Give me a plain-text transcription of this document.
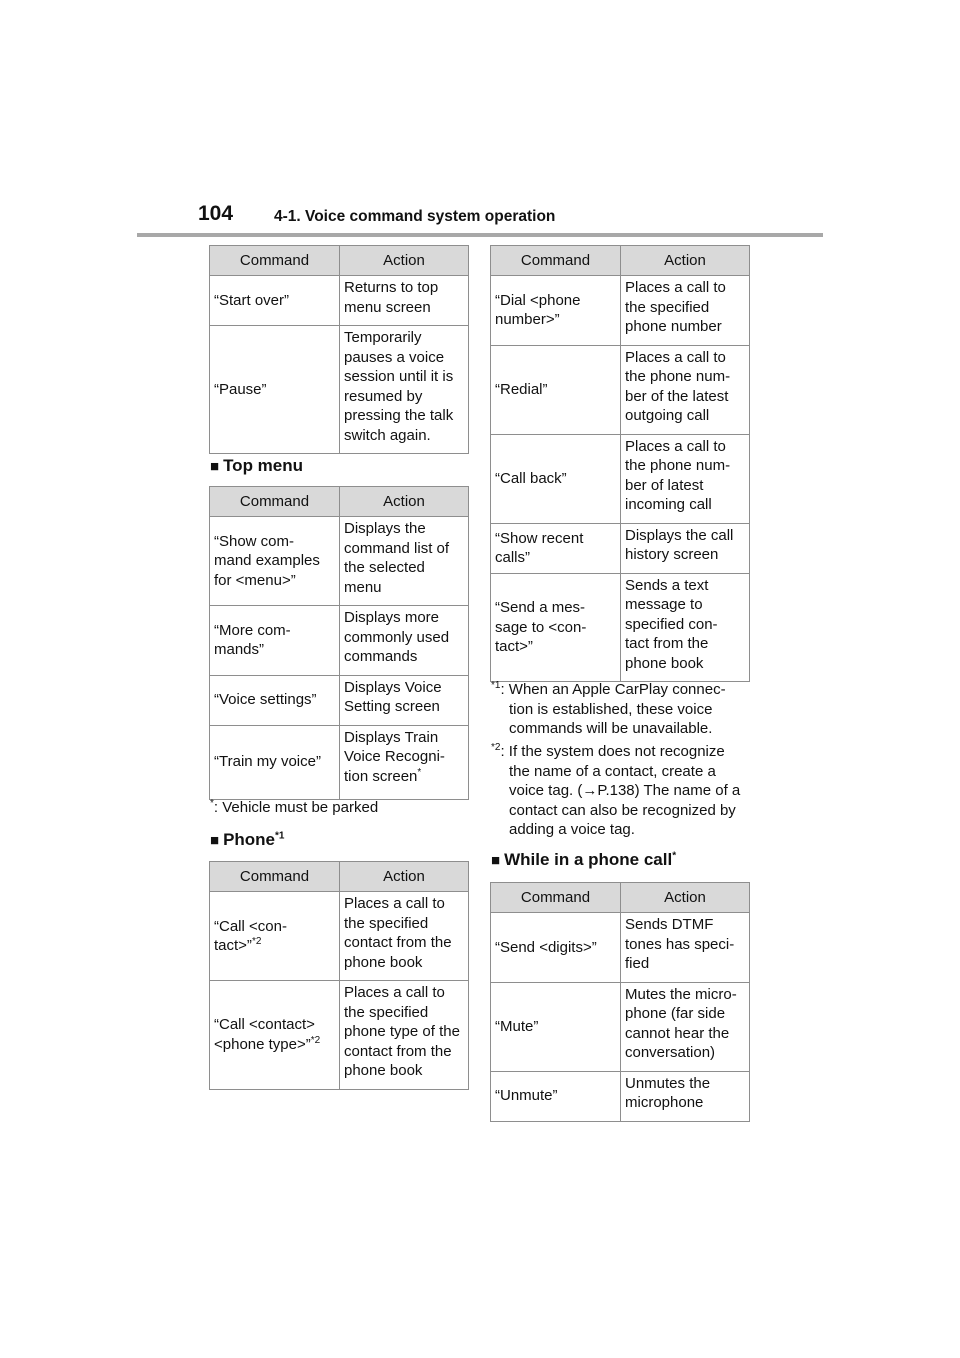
104	4-1. Voice command system operation
Command	Action
“Start over”	Returns to top menu screen
“Pause”	Temporarily pauses a voice session until it is resumed by pressing the talk switch again.
■ Top menu
Command	Action
“Show com-
mand examples
for <menu>”	Displays the command list of the selected menu
“More com-
mands”	Displays more commonly used commands
“Voice settings”	Displays Voice Setting screen
“Train my voice”	Displays Train Voice Recogni-
tion screen*
*: Vehicle must be parked
■ Phone$^{*1}$
Command	Action
“Call <con-
tact>”$^{*2}$	Places a call to the specified contact from the phone book
“Call <contact>
<phone type>”$^{*2}$	Places a call to the specified phone type of the contact from the phone book
Command	Action
“Dial <phone
number>”	Places a call to the specified phone number
“Redial”	Places a call to the phone num-
ber of the latest outgoing call
“Call back”	Places a call to the phone num-
ber of latest incoming call
“Show recent
calls”	Displays the call history screen
“Send a mes-
sage to <con-
tact>”	Sends a text message to specified con-
tact from the phone book
$^{*1}$: When an Apple CarPlay connec-
tion is established, these voice commands will be unavailable.
$^{*2}$: If the system does not recognize the name of a contact, create a voice tag. (→P.138) The name of a contact can also be recognized by adding a voice tag.
■ While in a phone call*
Command	Action
“Send <digits>”	Sends DTMF tones has speci-
fied
“Mute”	Mutes the micro-
phone (far side cannot hear the conversation)
“Unmute”	Unmutes the microphone
